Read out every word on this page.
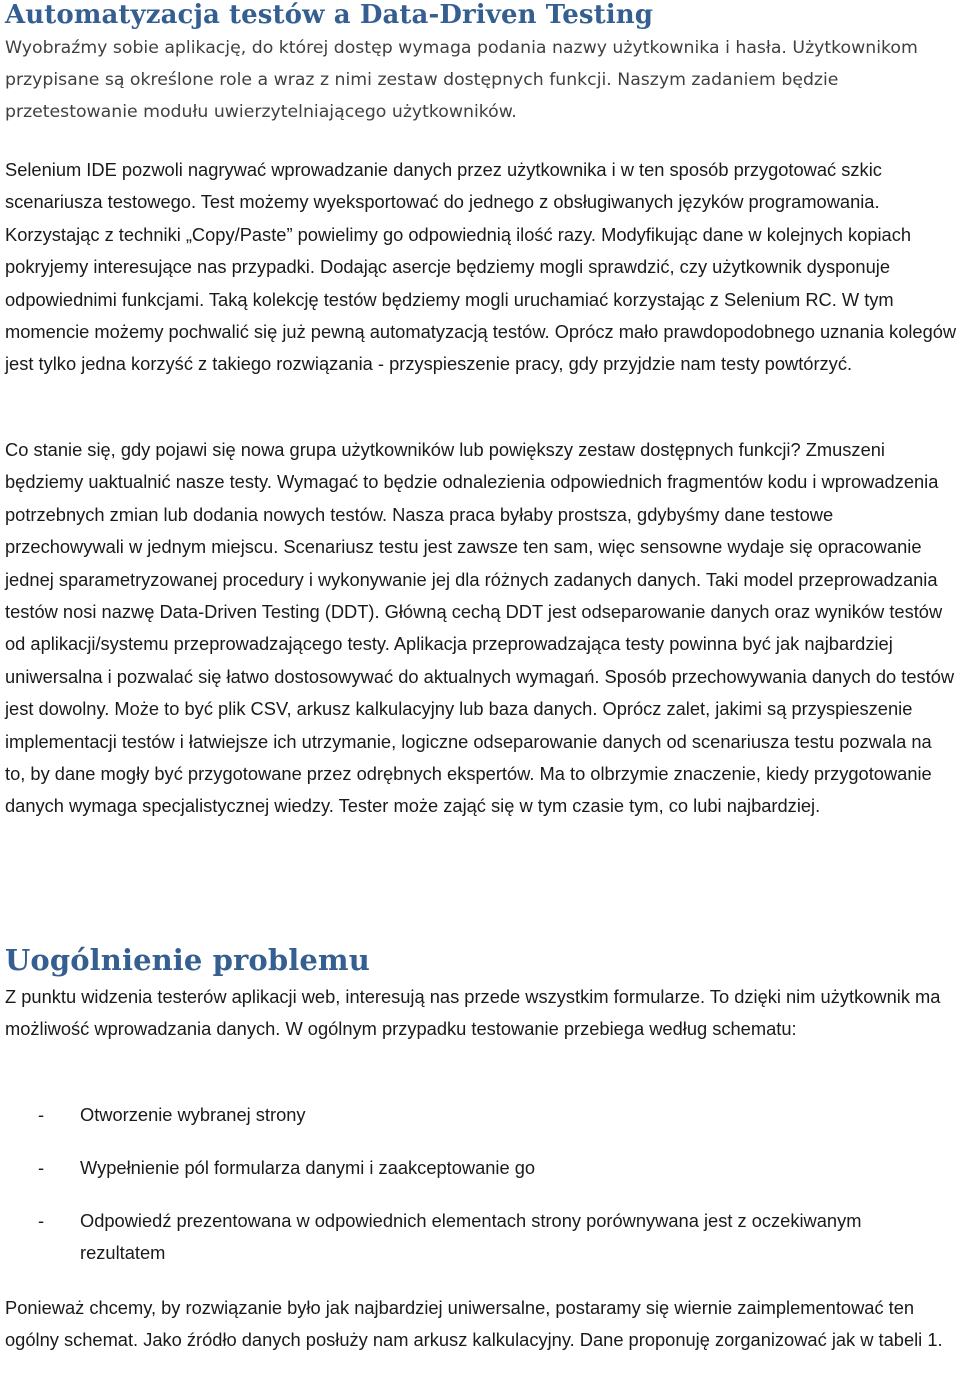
Automatyzacja testów a Data-Driven Testing

Wyobraźmy sobie aplikację, do której dostęp wymaga podania nazwy użytkownika i hasła. Użytkownikom przypisane są określone role a wraz z nimi zestaw dostępnych funkcji. Naszym zadaniem będzie przetestowanie modułu uwierzytelniającego użytkowników.

Selenium IDE pozwoli nagrywać wprowadzanie danych przez użytkownika i w ten sposób przygotować szkic scenariusza testowego. Test możemy wyeksportować do jednego z obsługiwanych języków programowania. Korzystając z techniki „Copy/Paste” powielimy go odpowiednią ilość razy. Modyfikując dane w kolejnych kopiach pokryjemy interesujące nas przypadki. Dodając asercje będziemy mogli sprawdzić, czy użytkownik dysponuje odpowiednimi funkcjami. Taką kolekcję testów będziemy mogli uruchamiać korzystając z Selenium RC. W tym momencie możemy pochwalić się już pewną automatyzacją testów. Oprócz mało prawdopodobnego uznania kolegów jest tylko jedna korzyść z takiego rozwiązania - przyspieszenie pracy, gdy przyjdzie nam testy powtórzyć.

Co stanie się, gdy pojawi się nowa grupa użytkowników lub powiększy zestaw dostępnych funkcji? Zmuszeni będziemy uaktualnić nasze testy. Wymagać to będzie odnalezienia odpowiednich fragmentów kodu i wprowadzenia potrzebnych zmian lub dodania nowych testów. Nasza praca byłaby prostsza, gdybyśmy dane testowe przechowywali w jednym miejscu. Scenariusz testu jest zawsze ten sam, więc sensowne wydaje się opracowanie jednej sparametryzowanej procedury i wykonywanie jej dla różnych zadanych danych. Taki model przeprowadzania testów nosi nazwę Data-Driven Testing (DDT). Główną cechą DDT jest odseparowanie danych oraz wyników testów od aplikacji/systemu przeprowadzającego testy. Aplikacja przeprowadzająca testy powinna być jak najbardziej uniwersalna i pozwalać się łatwo dostosowywać do aktualnych wymagań. Sposób przechowywania danych do testów jest dowolny. Może to być plik CSV, arkusz kalkulacyjny lub baza danych. Oprócz zalet, jakimi są przyspieszenie implementacji testów i łatwiejsze ich utrzymanie, logiczne odseparowanie danych od scenariusza testu pozwala na to, by dane mogły być przygotowane przez odrębnych ekspertów. Ma to olbrzymie znaczenie, kiedy przygotowanie danych wymaga specjalistycznej wiedzy. Tester może zająć się w tym czasie tym, co lubi najbardziej.

Uogólnienie problemu

Z punktu widzenia testerów aplikacji web, interesują nas przede wszystkim formularze. To dzięki nim użytkownik ma możliwość wprowadzania danych. W ogólnym przypadku testowanie przebiega według schematu:

- Otworzenie wybranej strony
- Wypełnienie pól formularza danymi i zaakceptowanie go
- Odpowiedź prezentowana w odpowiednich elementach strony porównywana jest z oczekiwanym rezultatem

Ponieważ chcemy, by rozwiązanie było jak najbardziej uniwersalne, postaramy się wiernie zaimplementować ten ogólny schemat. Jako źródło danych posłuży nam arkusz kalkulacyjny. Dane proponuję zorganizować jak w tabeli 1.
